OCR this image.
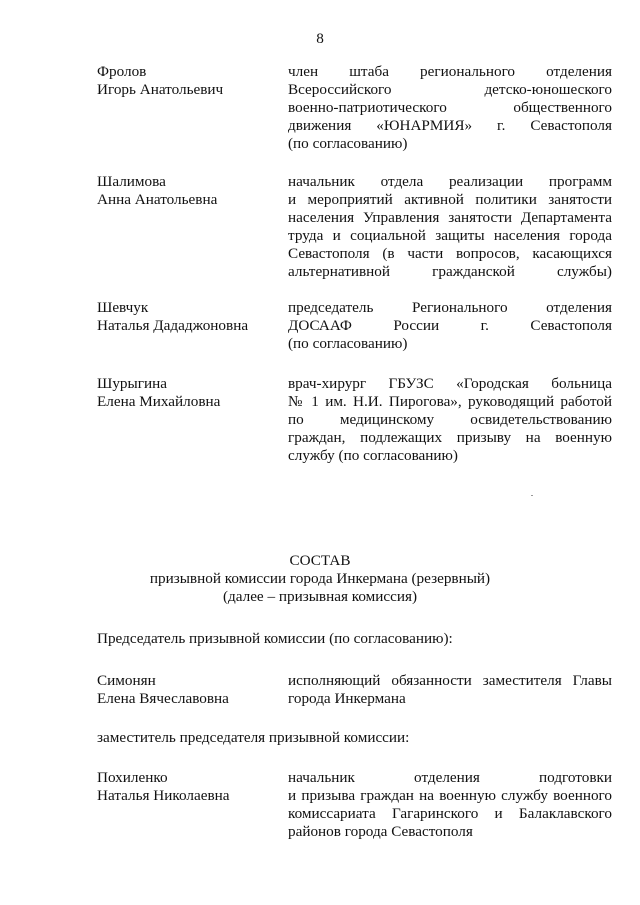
8
Фролов
Игорь Анатольевич
член штаба регионального отделения
Всероссийского детско-юношеского
военно-патриотического общественного
движения «ЮНАРМИЯ» г. Севастополя
(по согласованию)
Шалимова
Анна Анатольевна
начальник отдела реализации программ
и мероприятий активной политики занятости
населения Управления занятости Департамента
труда и социальной защиты населения города
Севастополя (в части вопросов, касающихся
альтернативной гражданской службы)
Шевчук
Наталья Дададжоновна
председатель Регионального отделения
ДОСААФ России г. Севастополя
(по согласованию)
Шурыгина
Елена Михайловна
врач-хирург ГБУЗС «Городская больница
№ 1 им. Н.И. Пирогова», руководящий работой
по медицинскому освидетельствованию
граждан, подлежащих призыву на военную
службу (по согласованию)
СОСТАВ
призывной комиссии города Инкермана (резервный)
(далее – призывная комиссия)
Председатель призывной комиссии (по согласованию):
Симонян
Елена Вячеславовна
исполняющий обязанности заместителя Главы
города Инкермана
заместитель председателя призывной комиссии:
Похиленко
Наталья Николаевна
начальник отделения подготовки
и призыва граждан на военную службу военного
комиссариата Гагаринского и Балаклавского
районов города Севастополя
